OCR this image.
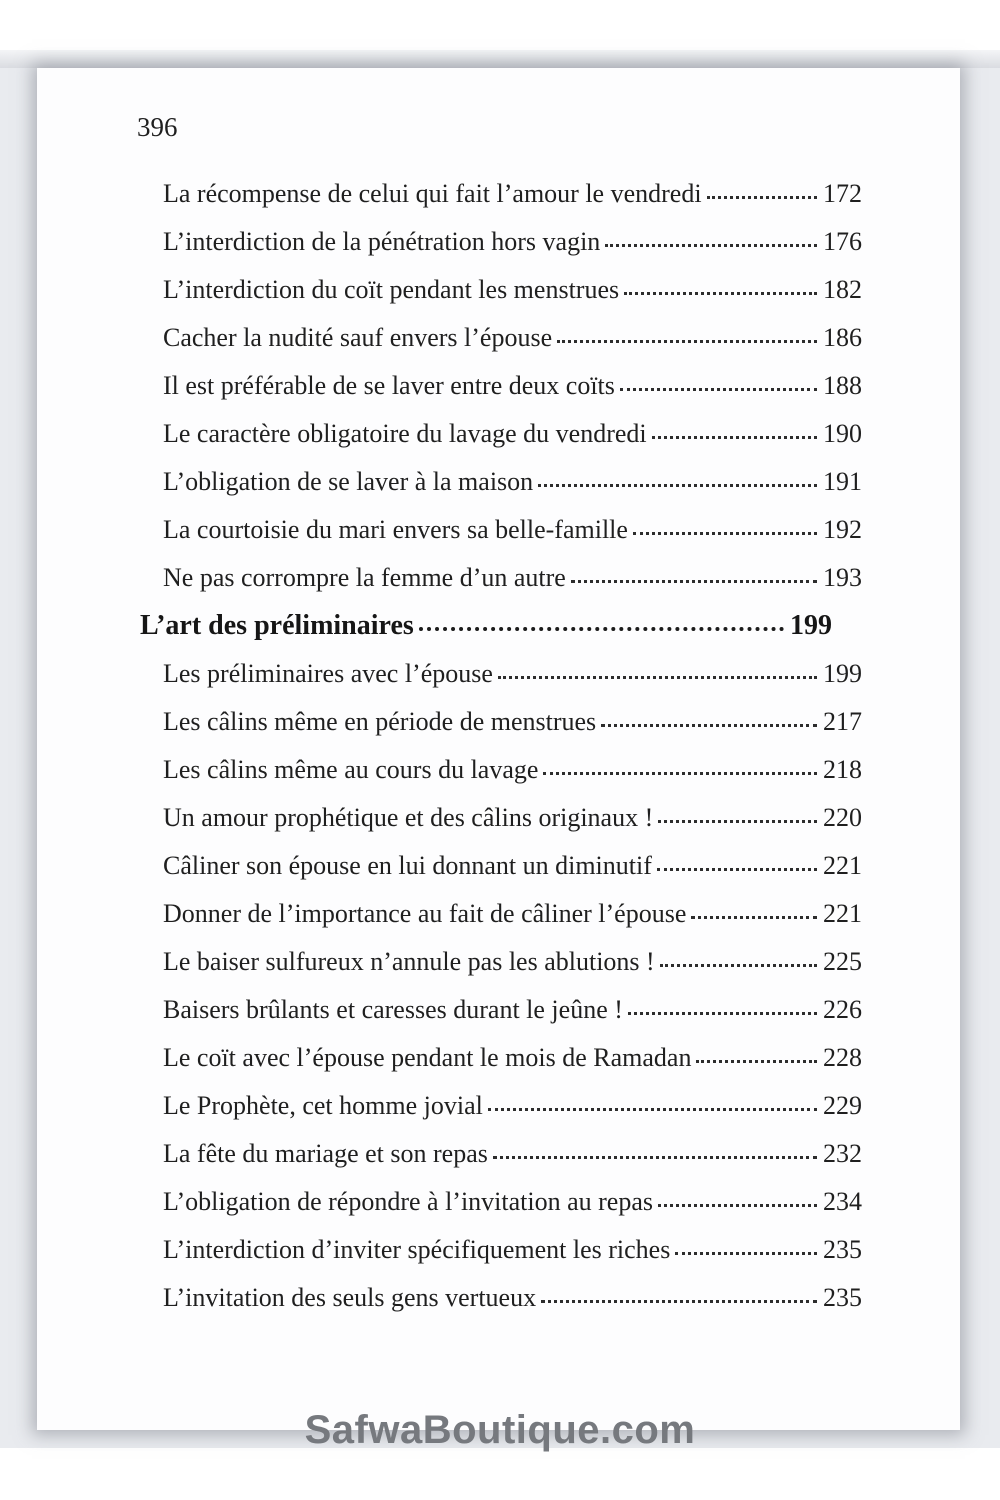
396
La récompense de celui qui fait l’amour le vendredi	172
L’interdiction de la pénétration hors vagin	176
L’interdiction du coït pendant les menstrues	182
Cacher la nudité sauf envers l’épouse	186
Il est préférable de se laver entre deux coïts	188
Le caractère obligatoire du lavage du vendredi	190
L’obligation de se laver à la maison	191
La courtoisie du mari envers sa belle-famille	192
Ne pas corrompre la femme d’un autre	193
L’art des préliminaires	199
Les préliminaires avec l’épouse	199
Les câlins même en période de menstrues	217
Les câlins même au cours du lavage	218
Un amour prophétique et des câlins originaux !	220
Câliner son épouse en lui donnant un diminutif	221
Donner de l’importance au fait de câliner l’épouse	221
Le baiser sulfureux n’annule pas les ablutions !	225
Baisers brûlants et caresses durant le jeûne !	226
Le coït avec l’épouse pendant le mois de Ramadan	228
Le Prophète, cet homme jovial	229
La fête du mariage et son repas	232
L’obligation de répondre à l’invitation au repas	234
L’interdiction d’inviter spécifiquement les riches	235
L’invitation des seuls gens vertueux	235
SafwaBoutique.com
